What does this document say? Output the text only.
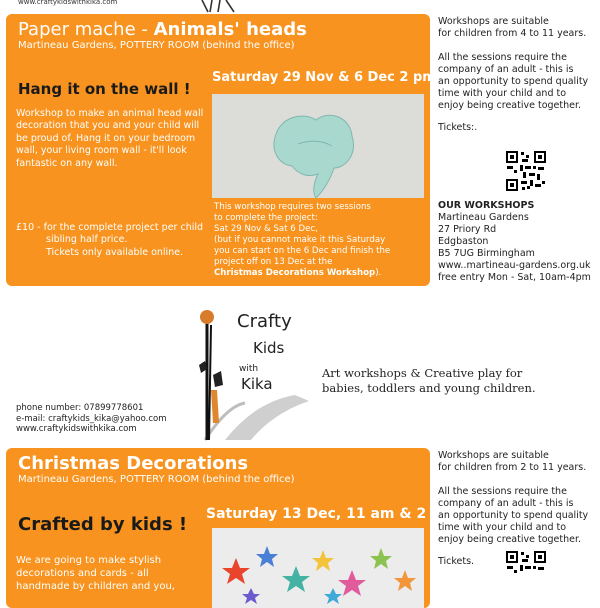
www.craftykidswithkika.com
Paper mache - Animals' heads
Martineau Gardens, POTTERY ROOM (behind the office)
Hang it on the wall !
Workshop to make an animal head wall
decoration that you and your child will
be proud of. Hang it on your bedroom
wall, your living room wall - it'll look
fantastic on any wall.
£10 - for the complete project per child
sibling half price.
Tickets only available online.
Saturday 29 Nov & 6 Dec 2 pm - 3 pm
This workshop requires two sessions
to complete the project:
Sat 29 Nov & Sat 6 Dec,
(but if you cannot make it this Saturday
you can start on the 6 Dec and finish the
project off on 13 Dec at the
Christmas Decorations Workshop).
Workshops are suitable
for children from 4 to 11 years.
All the sessions require the
company of an adult - this is
an opportunity to spend quality
time with your child and to
enjoy being creative together.
Tickets:.
OUR WORKSHOPS
Martineau Gardens
27 Priory Rd
Edgbaston
B5 7UG Birmingham
www..martineau-gardens.org.uk
free entry Mon - Sat, 10am-4pm
Crafty
Kids
with
Kika
Art workshops & Creative play for
babies, toddlers and young children.
phone number: 07899778601
e-mail: craftykids_kika@yahoo.com
www.craftykidswithkika.com
Christmas Decorations
Martineau Gardens, POTTERY ROOM (behind the office)
Crafted by kids !
We are going to make stylish
decorations and cards - all
handmade by children and you,
Saturday 13 Dec, 11 am & 2 pm
Workshops are suitable
for children from 2 to 11 years.
All the sessions require the
company of an adult - this is
an opportunity to spend quality
time with your child and to
enjoy being creative together.
Tickets.
